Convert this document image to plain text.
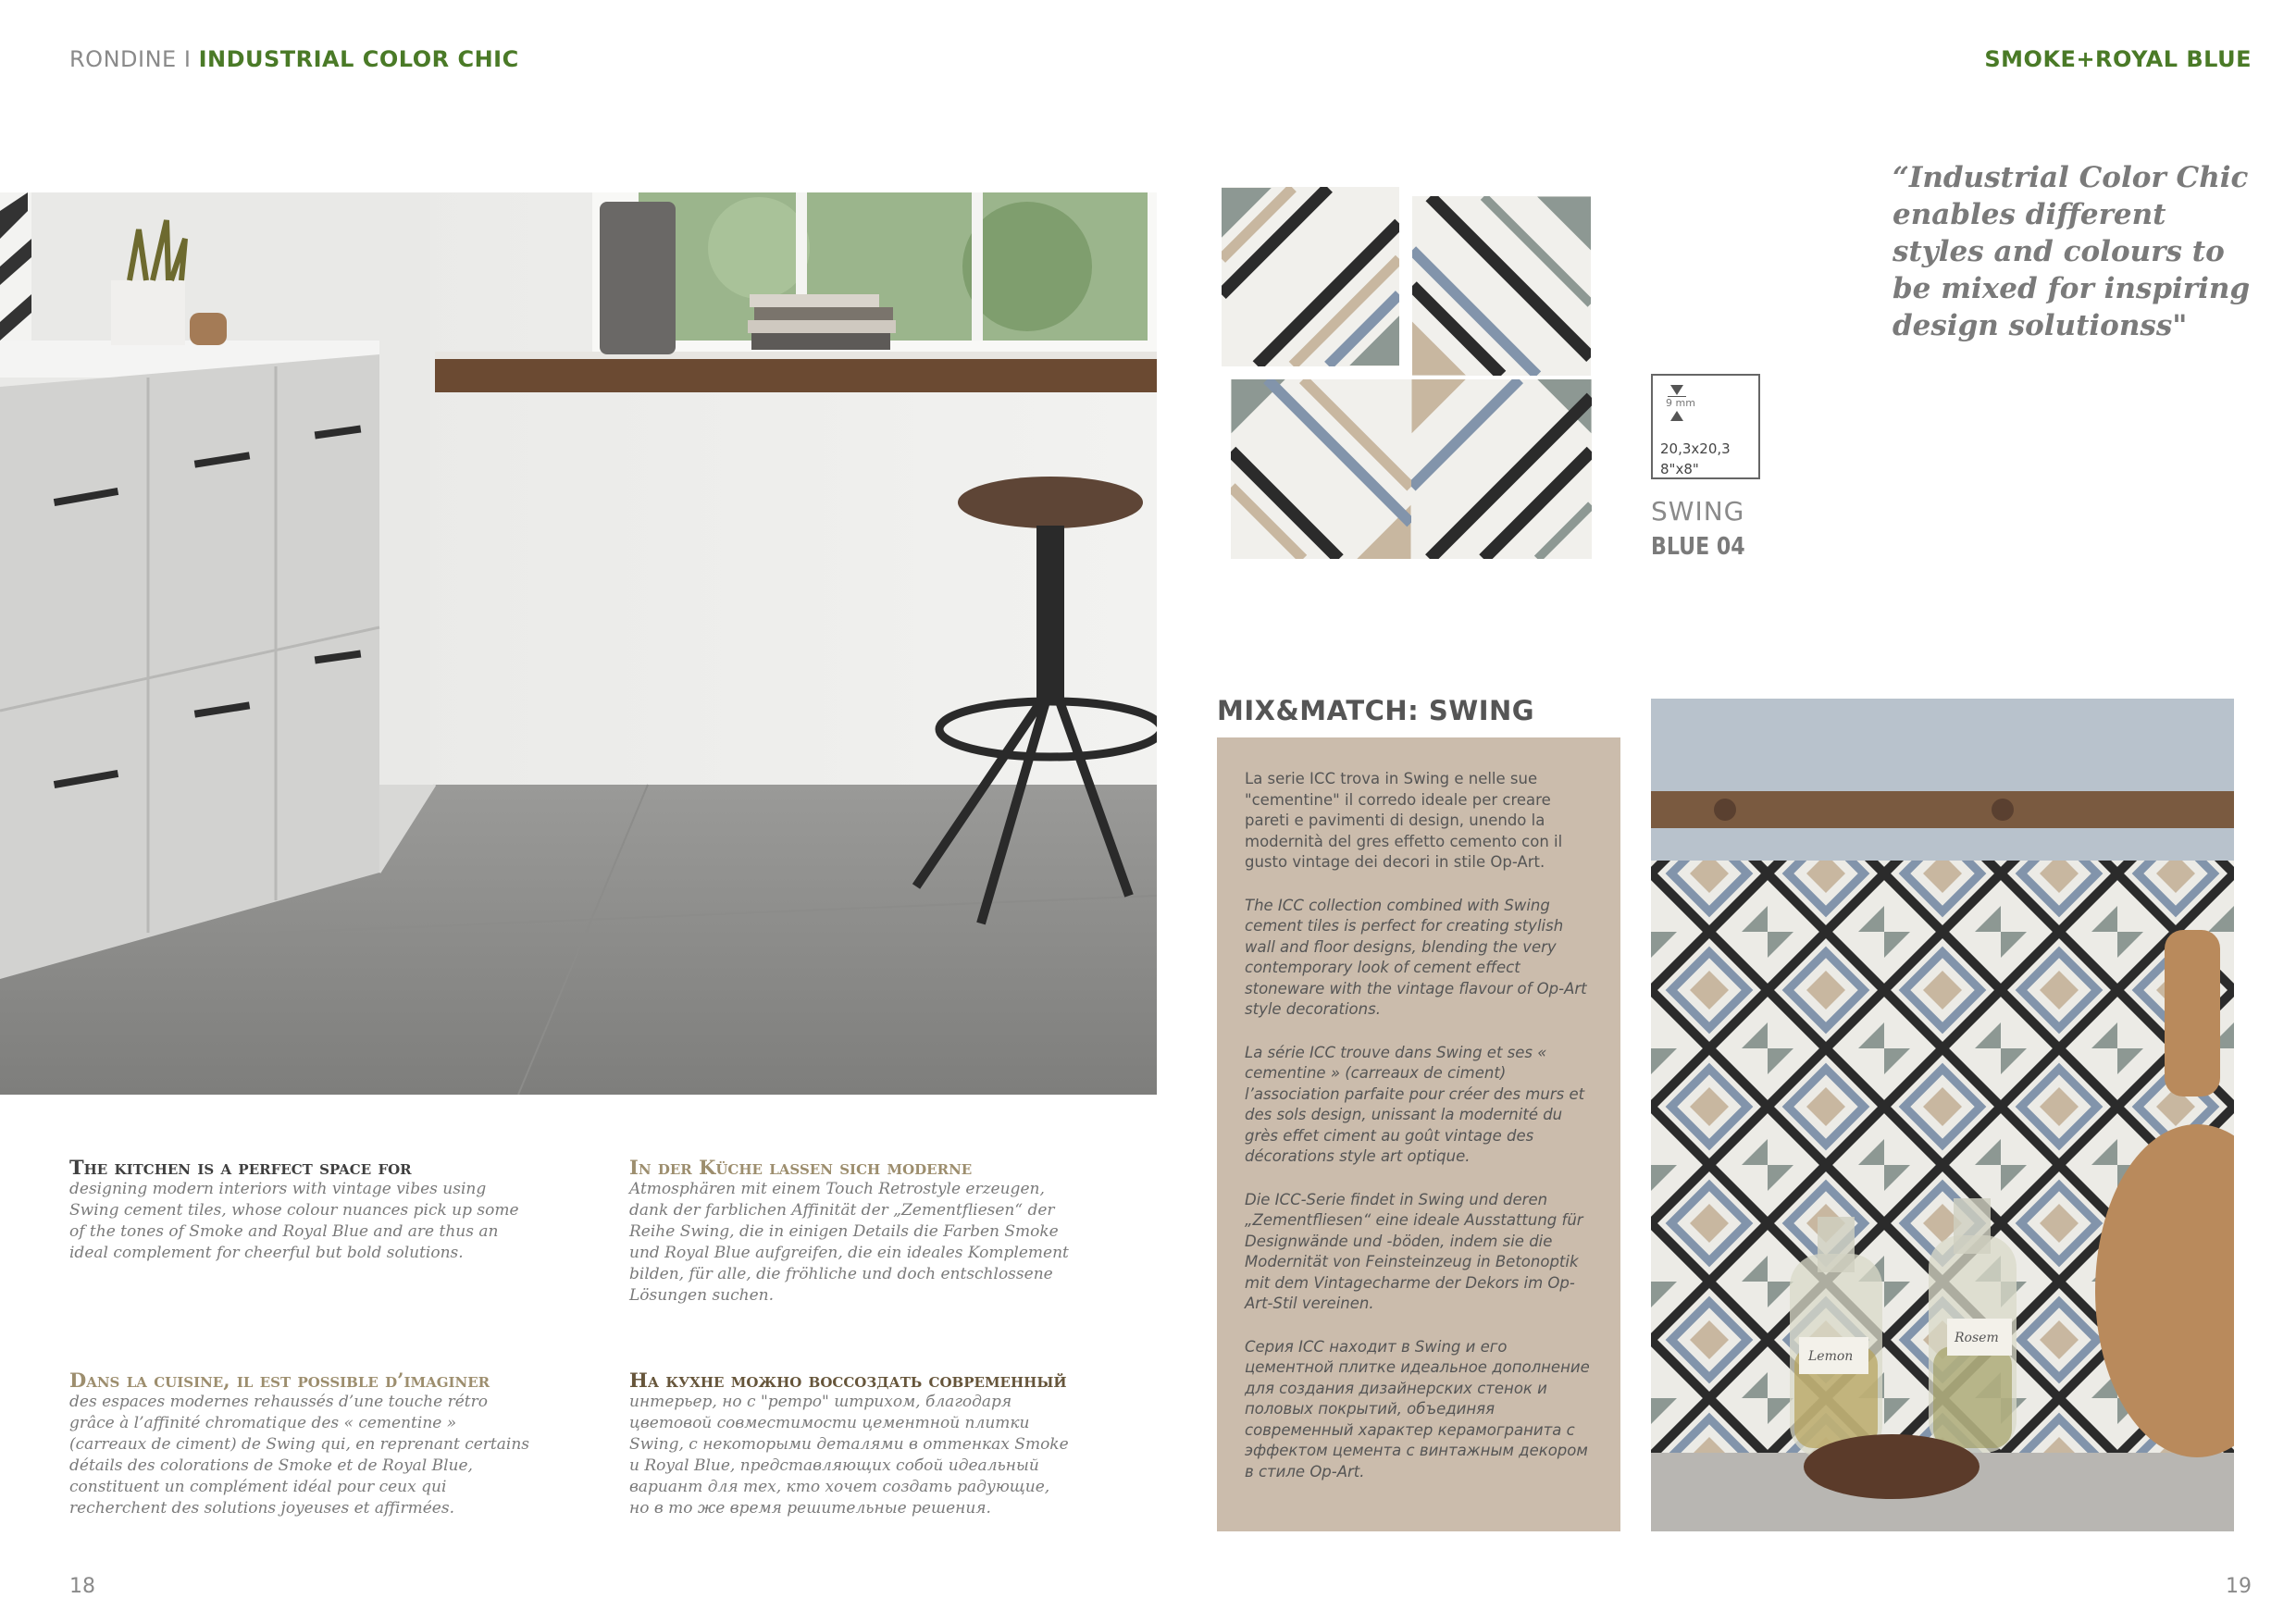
RONDINE I INDUSTRIAL COLOR CHIC	SMOKE+ROYAL BLUE
The kitchen is a perfect space for
designing modern interiors with vintage vibes using Swing cement tiles, whose colour nuances pick up some of the tones of Smoke and Royal Blue and are thus an ideal complement for cheerful but bold solutions.
In der Küche lassen sich moderne
Atmosphären mit einem Touch Retrostyle erzeugen, dank der farblichen Affinität der „Zementfliesen“ der Reihe Swing, die in einigen Details die Farben Smoke und Royal Blue aufgreifen, die ein ideales Komplement bilden, für alle, die fröhliche und doch entschlossene Lösungen suchen.
Dans la cuisine, il est possible d’imaginer
des espaces modernes rehaussés d’une touche rétro grâce à l’affinité chromatique des « cementine » (carreaux de ciment) de Swing qui, en reprenant certains détails des colorations de Smoke et de Royal Blue, constituent un complément idéal pour ceux qui recherchent des solutions joyeuses et affirmées.
На кухне можно воссоздать современный
интерьер, но с "ретро" штрихом, благодаря цветовой совместимости цементной плитки Swing, с некоторыми деталями в оттенках Smoke и Royal Blue, представляющих собой идеальный вариант для тех, кто хочет создать радующие, но в то же время решительные решения.
18
9 mm
20,3x20,3
8"x8"
SWING
BLUE 04
“Industrial Color Chic enables different styles and colours to be mixed for inspiring design solutionss"
MIX&MATCH: SWING

La serie ICC trova in Swing e nelle sue "cementine" il corredo ideale per creare pareti e pavimenti di design, unendo la modernità del gres effetto cemento con il gusto vintage dei decori in stile Op-Art.

The ICC collection combined with Swing cement tiles is perfect for creating stylish wall and floor designs, blending the very contemporary look of cement effect stoneware with the vintage flavour of Op-Art style decorations.

La série ICC trouve dans Swing et ses « cementine » (carreaux de ciment) l’association parfaite pour créer des murs et des sols design, unissant la modernité du grès effet ciment au goût vintage des décorations style art optique.

Die ICC-Serie findet in Swing und deren „Zementfliesen“ eine ideale Ausstattung für Designwände und -böden, indem sie die Modernität von Feinsteinzeug in Betonoptik mit dem Vintagecharme der Dekors im Op-Art-Stil vereinen.

Серия ICC находит в Swing и его цементной плитке идеальное дополнение для создания дизайнерских стенок и половых покрытий, объединяя современный характер керамогранита с эффектом цемента с винтажным декором в стиле Op-Art.

Lemon
Rosem
19
